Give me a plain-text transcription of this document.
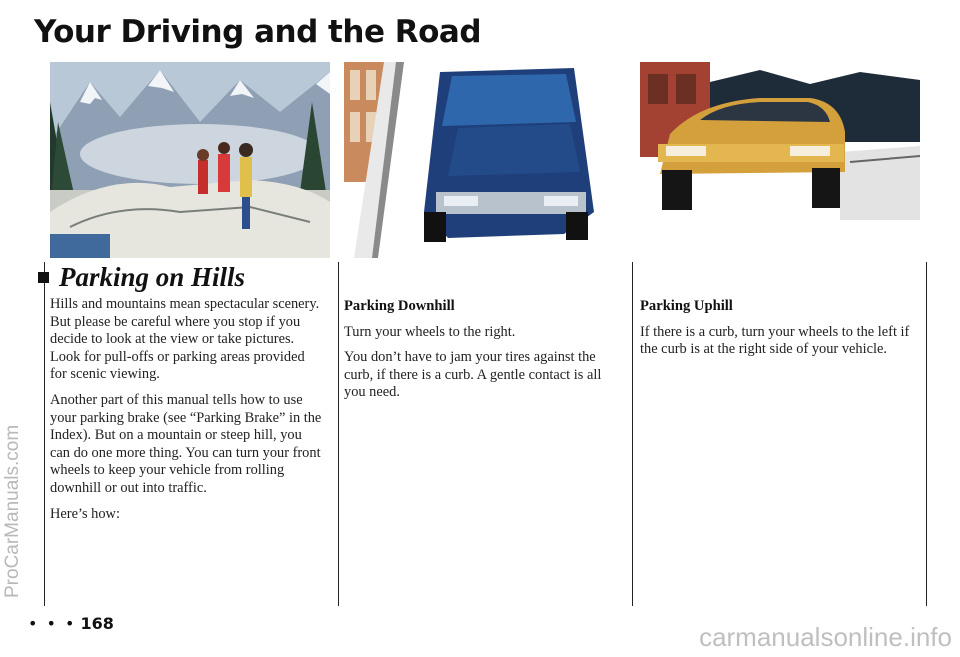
Your Driving and the Road
Parking on Hills

Hills and mountains mean spectacular scenery. But please be careful where you stop if you decide to look at the view or take pictures. Look for pull-offs or parking areas provided for scenic viewing.

Another part of this manual tells how to use your parking brake (see “Parking Brake” in the Index). But on a mountain or steep hill, you can do one more thing. You can turn your front wheels to keep your vehicle from rolling downhill or out into traffic.

Here’s how:

Parking Downhill

Turn your wheels to the right.

You don’t have to jam your tires against the curb, if there is a curb. A gentle contact is all you need.

Parking Uphill

If there is a curb, turn your wheels to the left if the curb is at the right side of your vehicle.

• • • 168
ProCarManuals.com
carmanualsonline.info
